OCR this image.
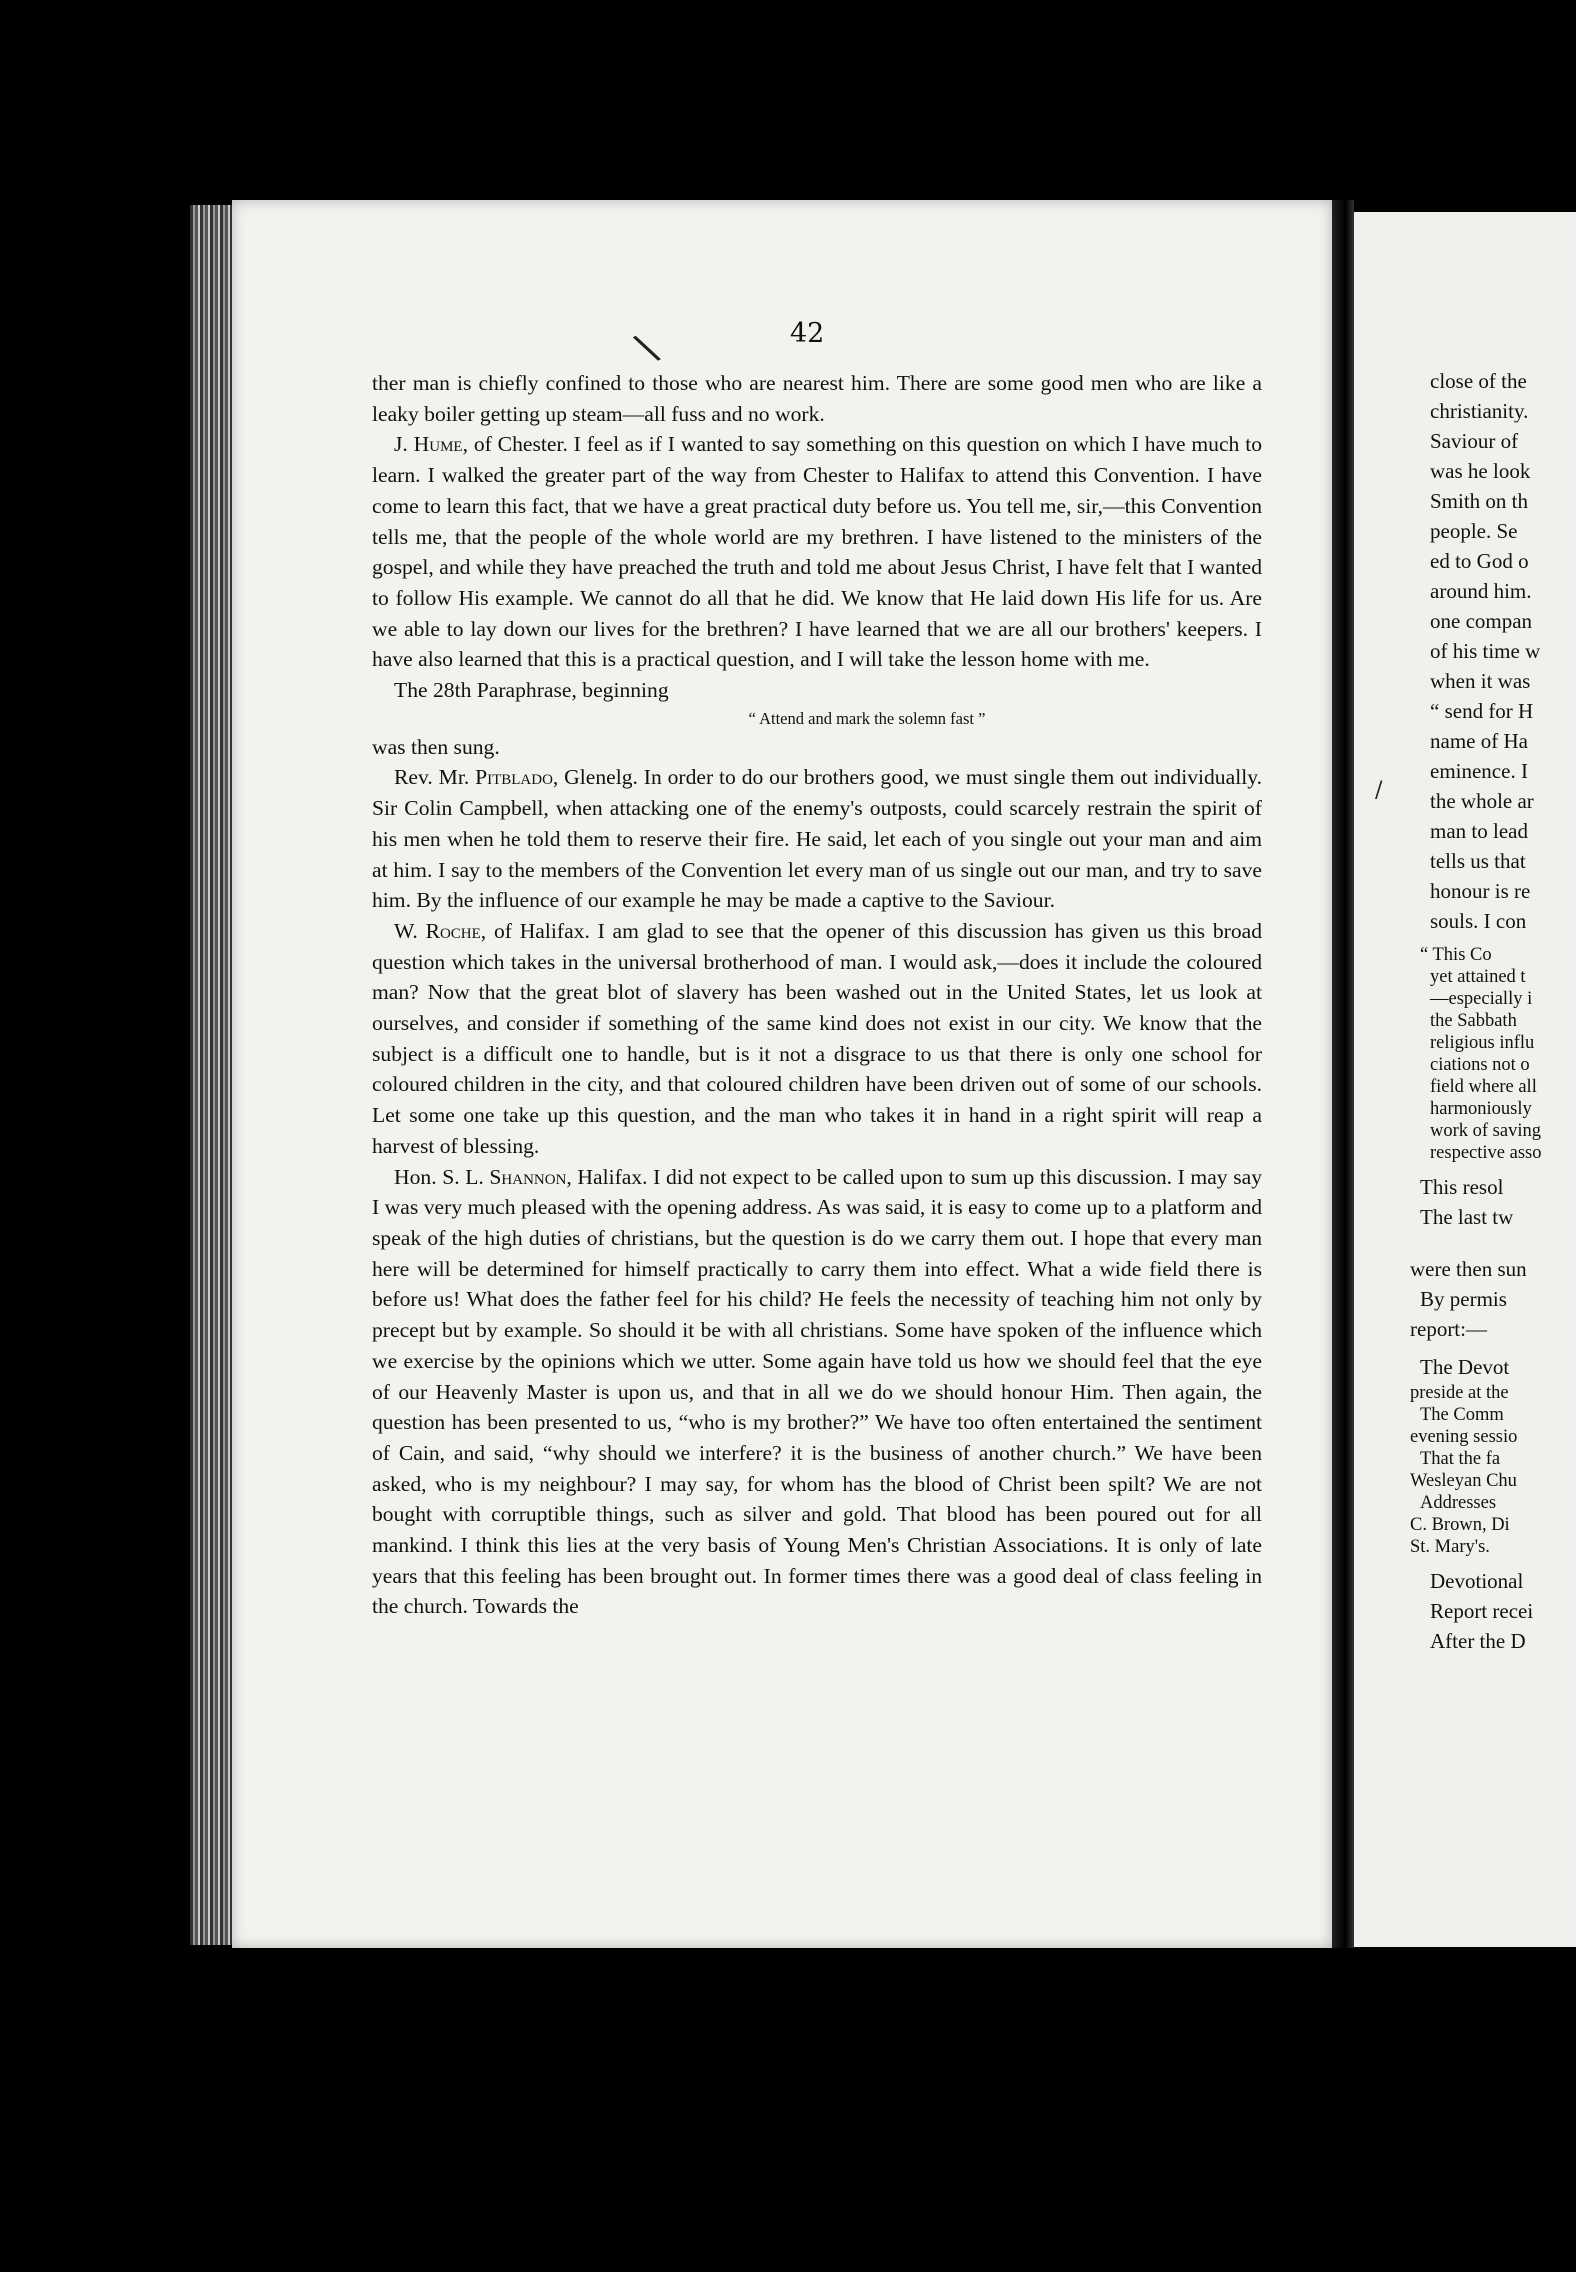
42
\

ther man is chiefly confined to those who are nearest him. There are some good men who are like a leaky boiler getting up steam—all fuss and no work.

J. Hume, of Chester. I feel as if I wanted to say something on this question on which I have much to learn. I walked the greater part of the way from Chester to Halifax to attend this Convention. I have come to learn this fact, that we have a great practical duty before us. You tell me, sir,—this Convention tells me, that the people of the whole world are my brethren. I have listened to the ministers of the gospel, and while they have preached the truth and told me about Jesus Christ, I have felt that I wanted to follow His example. We cannot do all that he did. We know that He laid down His life for us. Are we able to lay down our lives for the brethren? I have learned that we are all our brothers' keepers. I have also learned that this is a practical question, and I will take the lesson home with me.

The 28th Paraphrase, beginning

“ Attend and mark the solemn fast ”

was then sung.

Rev. Mr. Pitblado, Glenelg. In order to do our brothers good, we must single them out individually. Sir Colin Campbell, when attacking one of the enemy's outposts, could scarcely restrain the spirit of his men when he told them to reserve their fire. He said, let each of you single out your man and aim at him. I say to the members of the Convention let every man of us single out our man, and try to save him. By the influence of our example he may be made a captive to the Saviour.

W. Roche, of Halifax. I am glad to see that the opener of this discussion has given us this broad question which takes in the universal brotherhood of man. I would ask,—does it include the coloured man? Now that the great blot of slavery has been washed out in the United States, let us look at ourselves, and consider if something of the same kind does not exist in our city. We know that the subject is a difficult one to handle, but is it not a disgrace to us that there is only one school for coloured children in the city, and that coloured children have been driven out of some of our schools. Let some one take up this question, and the man who takes it in hand in a right spirit will reap a harvest of blessing.

Hon. S. L. Shannon, Halifax. I did not expect to be called upon to sum up this discussion. I may say I was very much pleased with the opening address. As was said, it is easy to come up to a platform and speak of the high duties of christians, but the question is do we carry them out. I hope that every man here will be determined for himself practically to carry them into effect. What a wide field there is before us! What does the father feel for his child? He feels the necessity of teaching him not only by precept but by example. So should it be with all christians. Some have spoken of the influence which we exercise by the opinions which we utter. Some again have told us how we should feel that the eye of our Heavenly Master is upon us, and that in all we do we should honour Him. Then again, the question has been presented to us, “who is my brother?” We have too often entertained the sentiment of Cain, and said, “why should we interfere? it is the business of another church.” We have been asked, who is my neighbour? I may say, for whom has the blood of Christ been spilt? We are not bought with corruptible things, such as silver and gold. That blood has been poured out for all mankind. I think this lies at the very basis of Young Men's Christian Associations. It is only of late years that this feeling has been brought out. In former times there was a good deal of class feeling in the church. Towards the

/
close of the
christianity.
Saviour of
was he look
Smith on th
people. Se
ed to God o
around him.
one compan
of his time w
when it was
“ send for H
name of Ha
eminence. I
the whole ar
man to lead
tells us that
honour is re
souls. I con
“ This Co
yet attained t
—especially i
the Sabbath
religious influ
ciations not o
field where all
harmoniously
work of saving
respective asso
This resol
The last tw
were then sun
By permis
report:—
The Devot
preside at the
The Comm
evening sessio
That the fa
Wesleyan Chu
Addresses
C. Brown, Di
St. Mary's.
Devotional
Report recei
After the D
